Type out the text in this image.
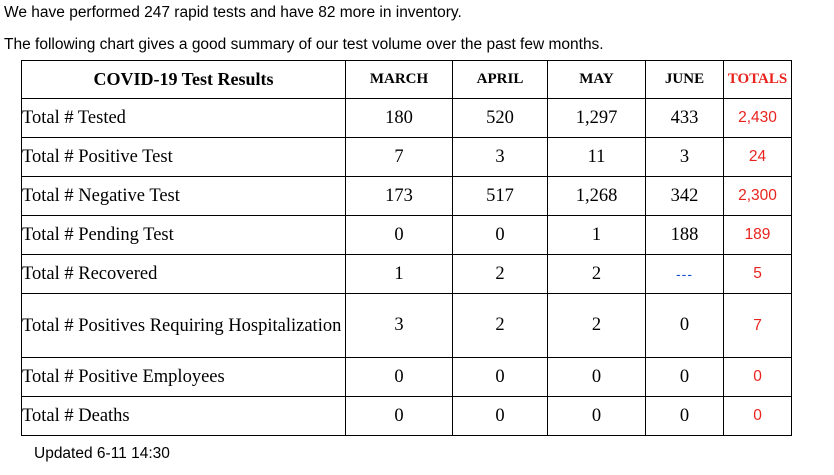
We have performed 247 rapid tests and have 82 more in inventory.
The following chart gives a good summary of our test volume over the past few months.
COVID-19 Test Results	MARCH	APRIL	MAY	JUNE	TOTALS
Total # Tested	180	520	1,297	433	2,430
Total # Positive Test	7	3	11	3	24
Total # Negative Test	173	517	1,268	342	2,300
Total # Pending Test	0	0	1	188	189
Total # Recovered	1	2	2	---	5
Total # Positives Requiring Hospitalization	3	2	2	0	7
Total # Positive Employees	0	0	0	0	0
Total # Deaths	0	0	0	0	0
Updated 6-11 14:30
